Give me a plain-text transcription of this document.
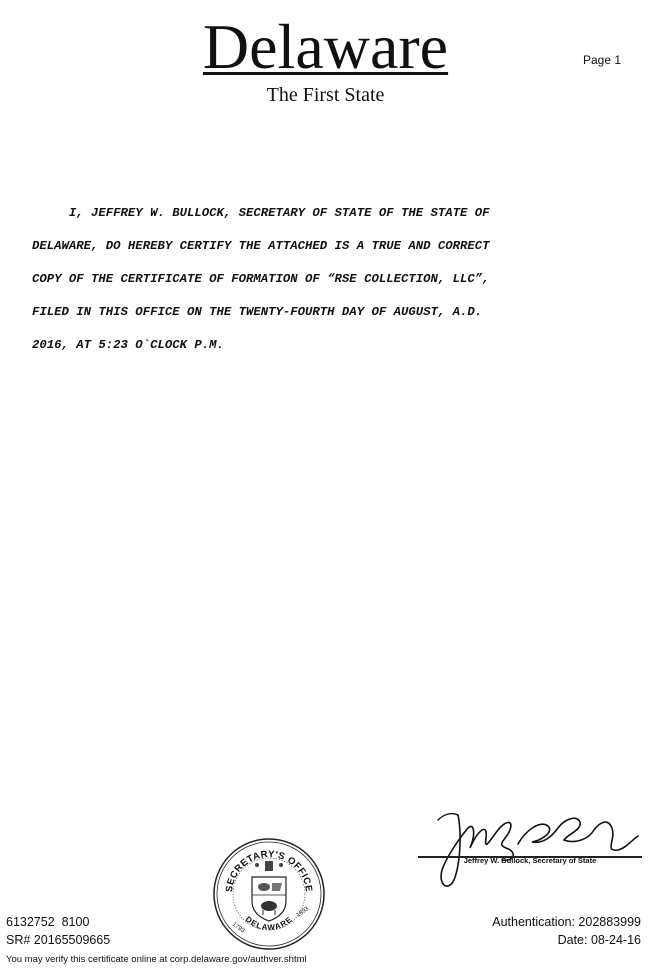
Delaware
The First State
Page 1
I, JEFFREY W. BULLOCK, SECRETARY OF STATE OF THE STATE OF
DELAWARE, DO HEREBY CERTIFY THE ATTACHED IS A TRUE AND CORRECT
COPY OF THE CERTIFICATE OF FORMATION OF “RSE COLLECTION, LLC”,
FILED IN THIS OFFICE ON THE TWENTY-FOURTH DAY OF AUGUST, A.D.
2016, AT 5:23 O`CLOCK P.M.
SECRETARY'S OFFICE
DELAWARE
1793
1893
Jeffrey W. Bullock, Secretary of State
6132752  8100
SR# 20165509665
Authentication: 202883999
Date: 08-24-16
You may verify this certificate online at corp.delaware.gov/authver.shtml
